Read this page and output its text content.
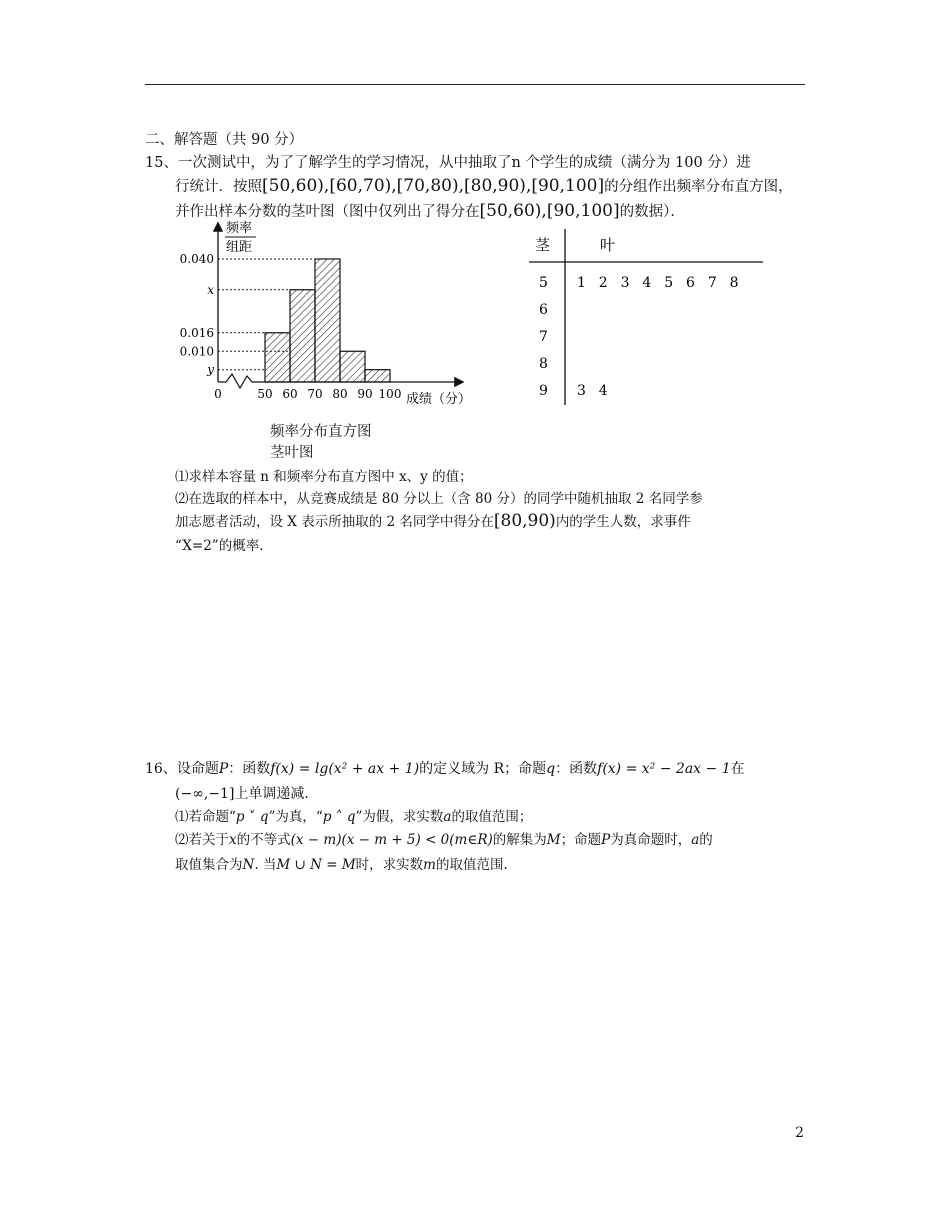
二、解答题（共 90 分）
15、一次测试中，为了了解学生的学习情况，从中抽取了n 个学生的成绩（满分为 100 分）进
行统计．按照[50,60),[60,70),[70,80),[80,90),[90,100]的分组作出频率分布直方图，
并作出样本分数的茎叶图（图中仅列出了得分在[50,60),[90,100]的数据）．
频率
组距
0.040
x
0.016
0.010
y
0	50 60 70 80 90 100 成绩（分）
茎	叶
5 1  2  3  4  5  6  7  8
6
7
8
9 3  4
频率分布直方图
茎叶图
⑴求样本容量 n 和频率分布直方图中 x、y 的值；
⑵在选取的样本中，从竞赛成绩是 80 分以上（含 80 分）的同学中随机抽取 2 名同学参
加志愿者活动，设 X 表示所抽取的 2 名同学中得分在[80,90)内的学生人数，求事件
“X=2”的概率.
16、设命题P：函数f(x) = lg(x² + ax + 1)的定义域为 R；命题q：函数f(x) = x² − 2ax − 1在
(−∞,−1]上单调递减.
⑴若命题“p ˅ q”为真，“p ˄ q”为假，求实数a的取值范围；
⑵若关于x的不等式(x − m)(x − m + 5) < 0(m∈R)的解集为M；命题P为真命题时，a的
取值集合为N. 当M ∪ N = M时，求实数m的取值范围.
2
